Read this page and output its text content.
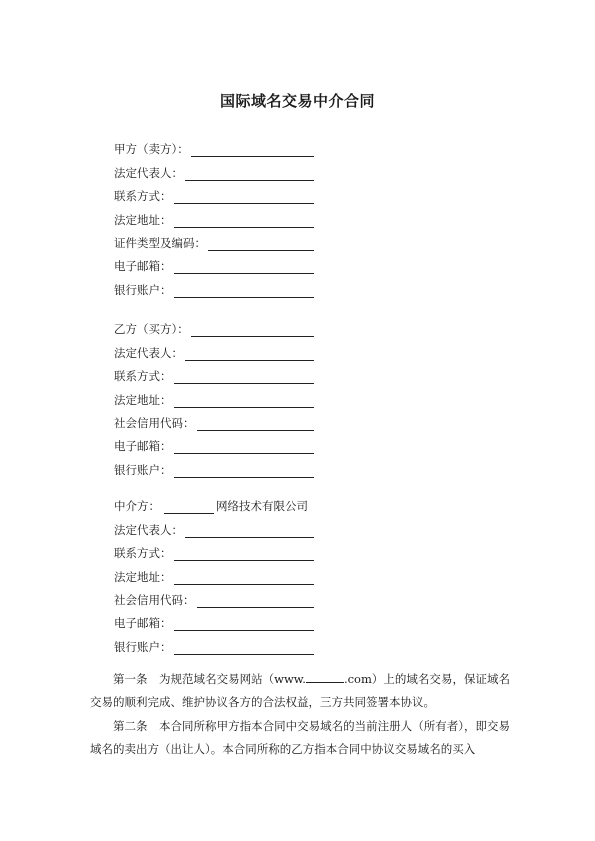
国际域名交易中介合同
甲方（卖方）：
法定代表人：
联系方式：
法定地址：
证件类型及编码：
电子邮箱：
银行账户：
乙方（买方）：
法定代表人：
联系方式：
法定地址：
社会信用代码：
电子邮箱：
银行账户：
中介方：	网络技术有限公司
法定代表人：
联系方式：
法定地址：
社会信用代码：
电子邮箱：
银行账户：

第一条　为规范域名交易网站（www.	.com）上的域名交易，保证域名交易的顺利完成、维护协议各方的合法权益，三方共同签署本协议。

第二条　本合同所称甲方指本合同中交易域名的当前注册人（所有者），即交易域名的卖出方（出让人）。本合同所称的乙方指本合同中协议交易域名的买入
